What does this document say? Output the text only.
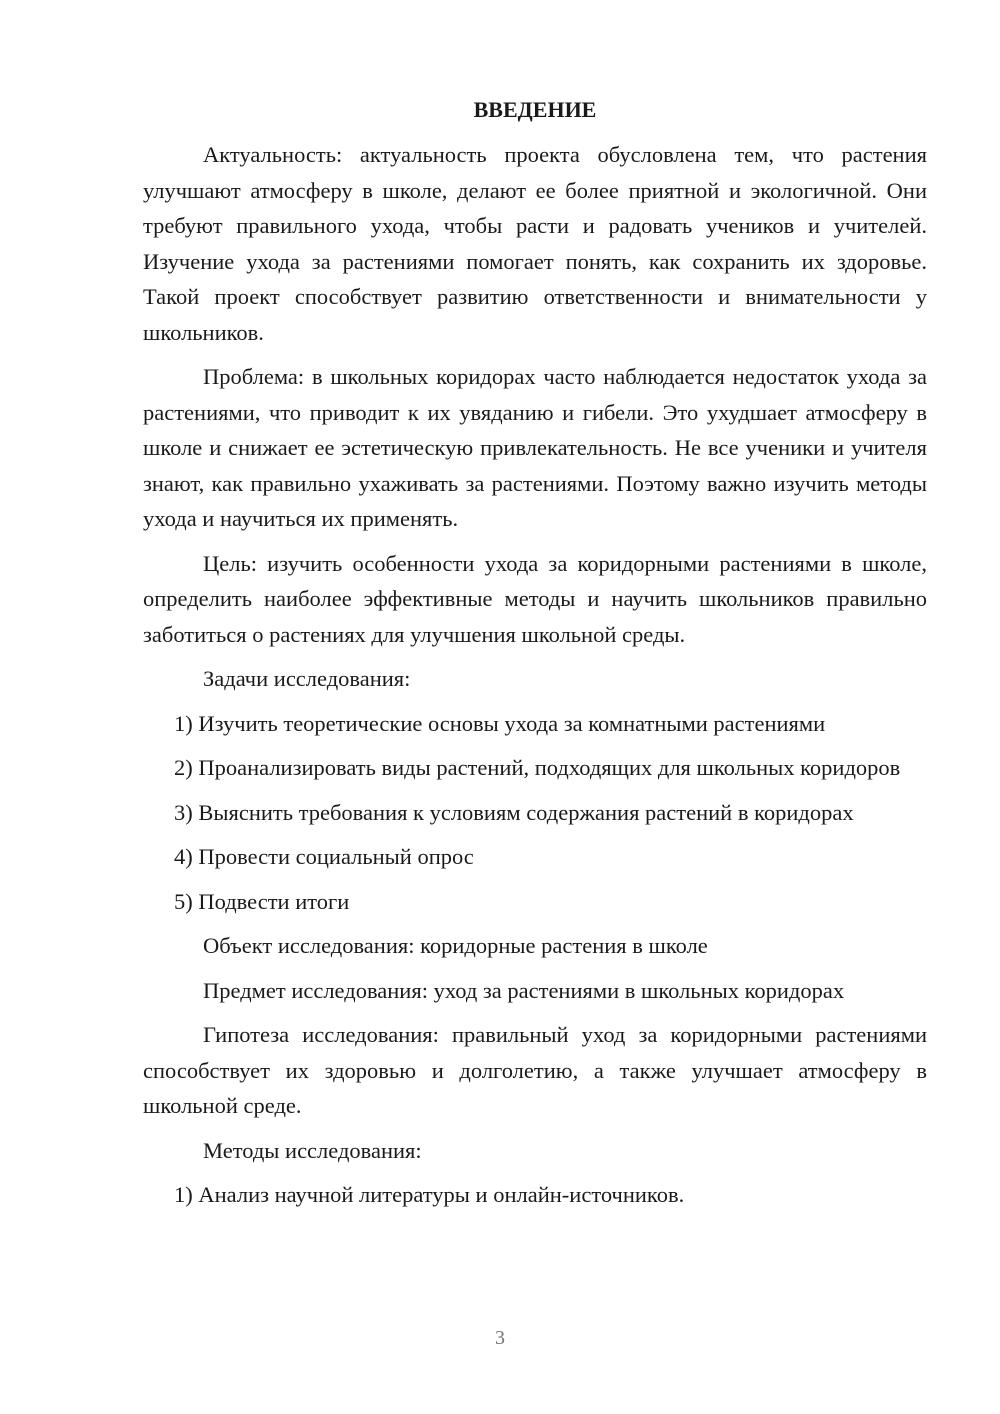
ВВЕДЕНИЕ

Актуальность: актуальность проекта обусловлена тем, что растения улучшают атмосферу в школе, делают ее более приятной и экологичной. Они требуют правильного ухода, чтобы расти и радовать учеников и учителей. Изучение ухода за растениями помогает понять, как сохранить их здоровье. Такой проект способствует развитию ответственности и внимательности у школьников.

Проблема: в школьных коридорах часто наблюдается недостаток ухода за растениями, что приводит к их увяданию и гибели. Это ухудшает атмосферу в школе и снижает ее эстетическую привлекательность. Не все ученики и учителя знают, как правильно ухаживать за растениями. Поэтому важно изучить методы ухода и научиться их применять.

Цель: изучить особенности ухода за коридорными растениями в школе, определить наиболее эффективные методы и научить школьников правильно заботиться о растениях для улучшения школьной среды.

Задачи исследования:

1) Изучить теоретические основы ухода за комнатными растениями

2) Проанализировать виды растений, подходящих для школьных коридоров

3) Выяснить требования к условиям содержания растений в коридорах

4) Провести социальный опрос

5) Подвести итоги

Объект исследования: коридорные растения в школе

Предмет исследования: уход за растениями в школьных коридорах

Гипотеза исследования: правильный уход за коридорными растениями способствует их здоровью и долголетию, а также улучшает атмосферу в школьной среде.

Методы исследования:

1) Анализ научной литературы и онлайн-источников.

3
